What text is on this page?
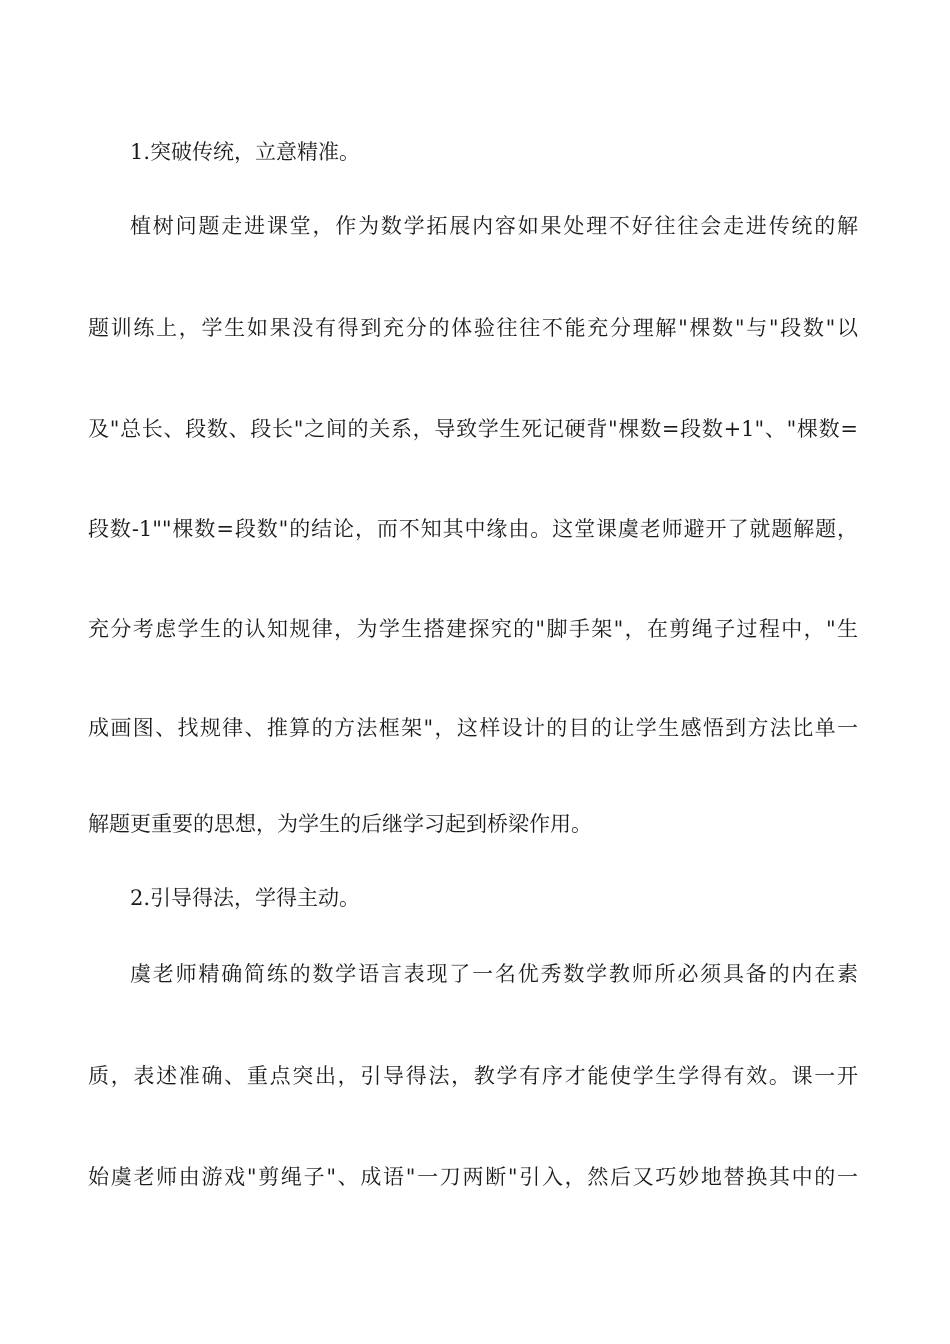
1.突破传统，立意精准。
植树问题走进课堂，作为数学拓展内容如果处理不好往往会走进传统的解
题训练上，学生如果没有得到充分的体验往往不能充分理解"棵数"与"段数"以
及"总长、段数、段长"之间的关系，导致学生死记硬背"棵数=段数+1"、"棵数=
段数-1""棵数=段数"的结论，而不知其中缘由。这堂课虞老师避开了就题解题，
充分考虑学生的认知规律，为学生搭建探究的"脚手架"，在剪绳子过程中，"生
成画图、找规律、推算的方法框架"，这样设计的目的让学生感悟到方法比单一
解题更重要的思想，为学生的后继学习起到桥梁作用。
2.引导得法，学得主动。
虞老师精确简练的数学语言表现了一名优秀数学教师所必须具备的内在素
质，表述准确、重点突出，引导得法，教学有序才能使学生学得有效。课一开
始虞老师由游戏"剪绳子"、成语"一刀两断"引入，然后又巧妙地替换其中的一
